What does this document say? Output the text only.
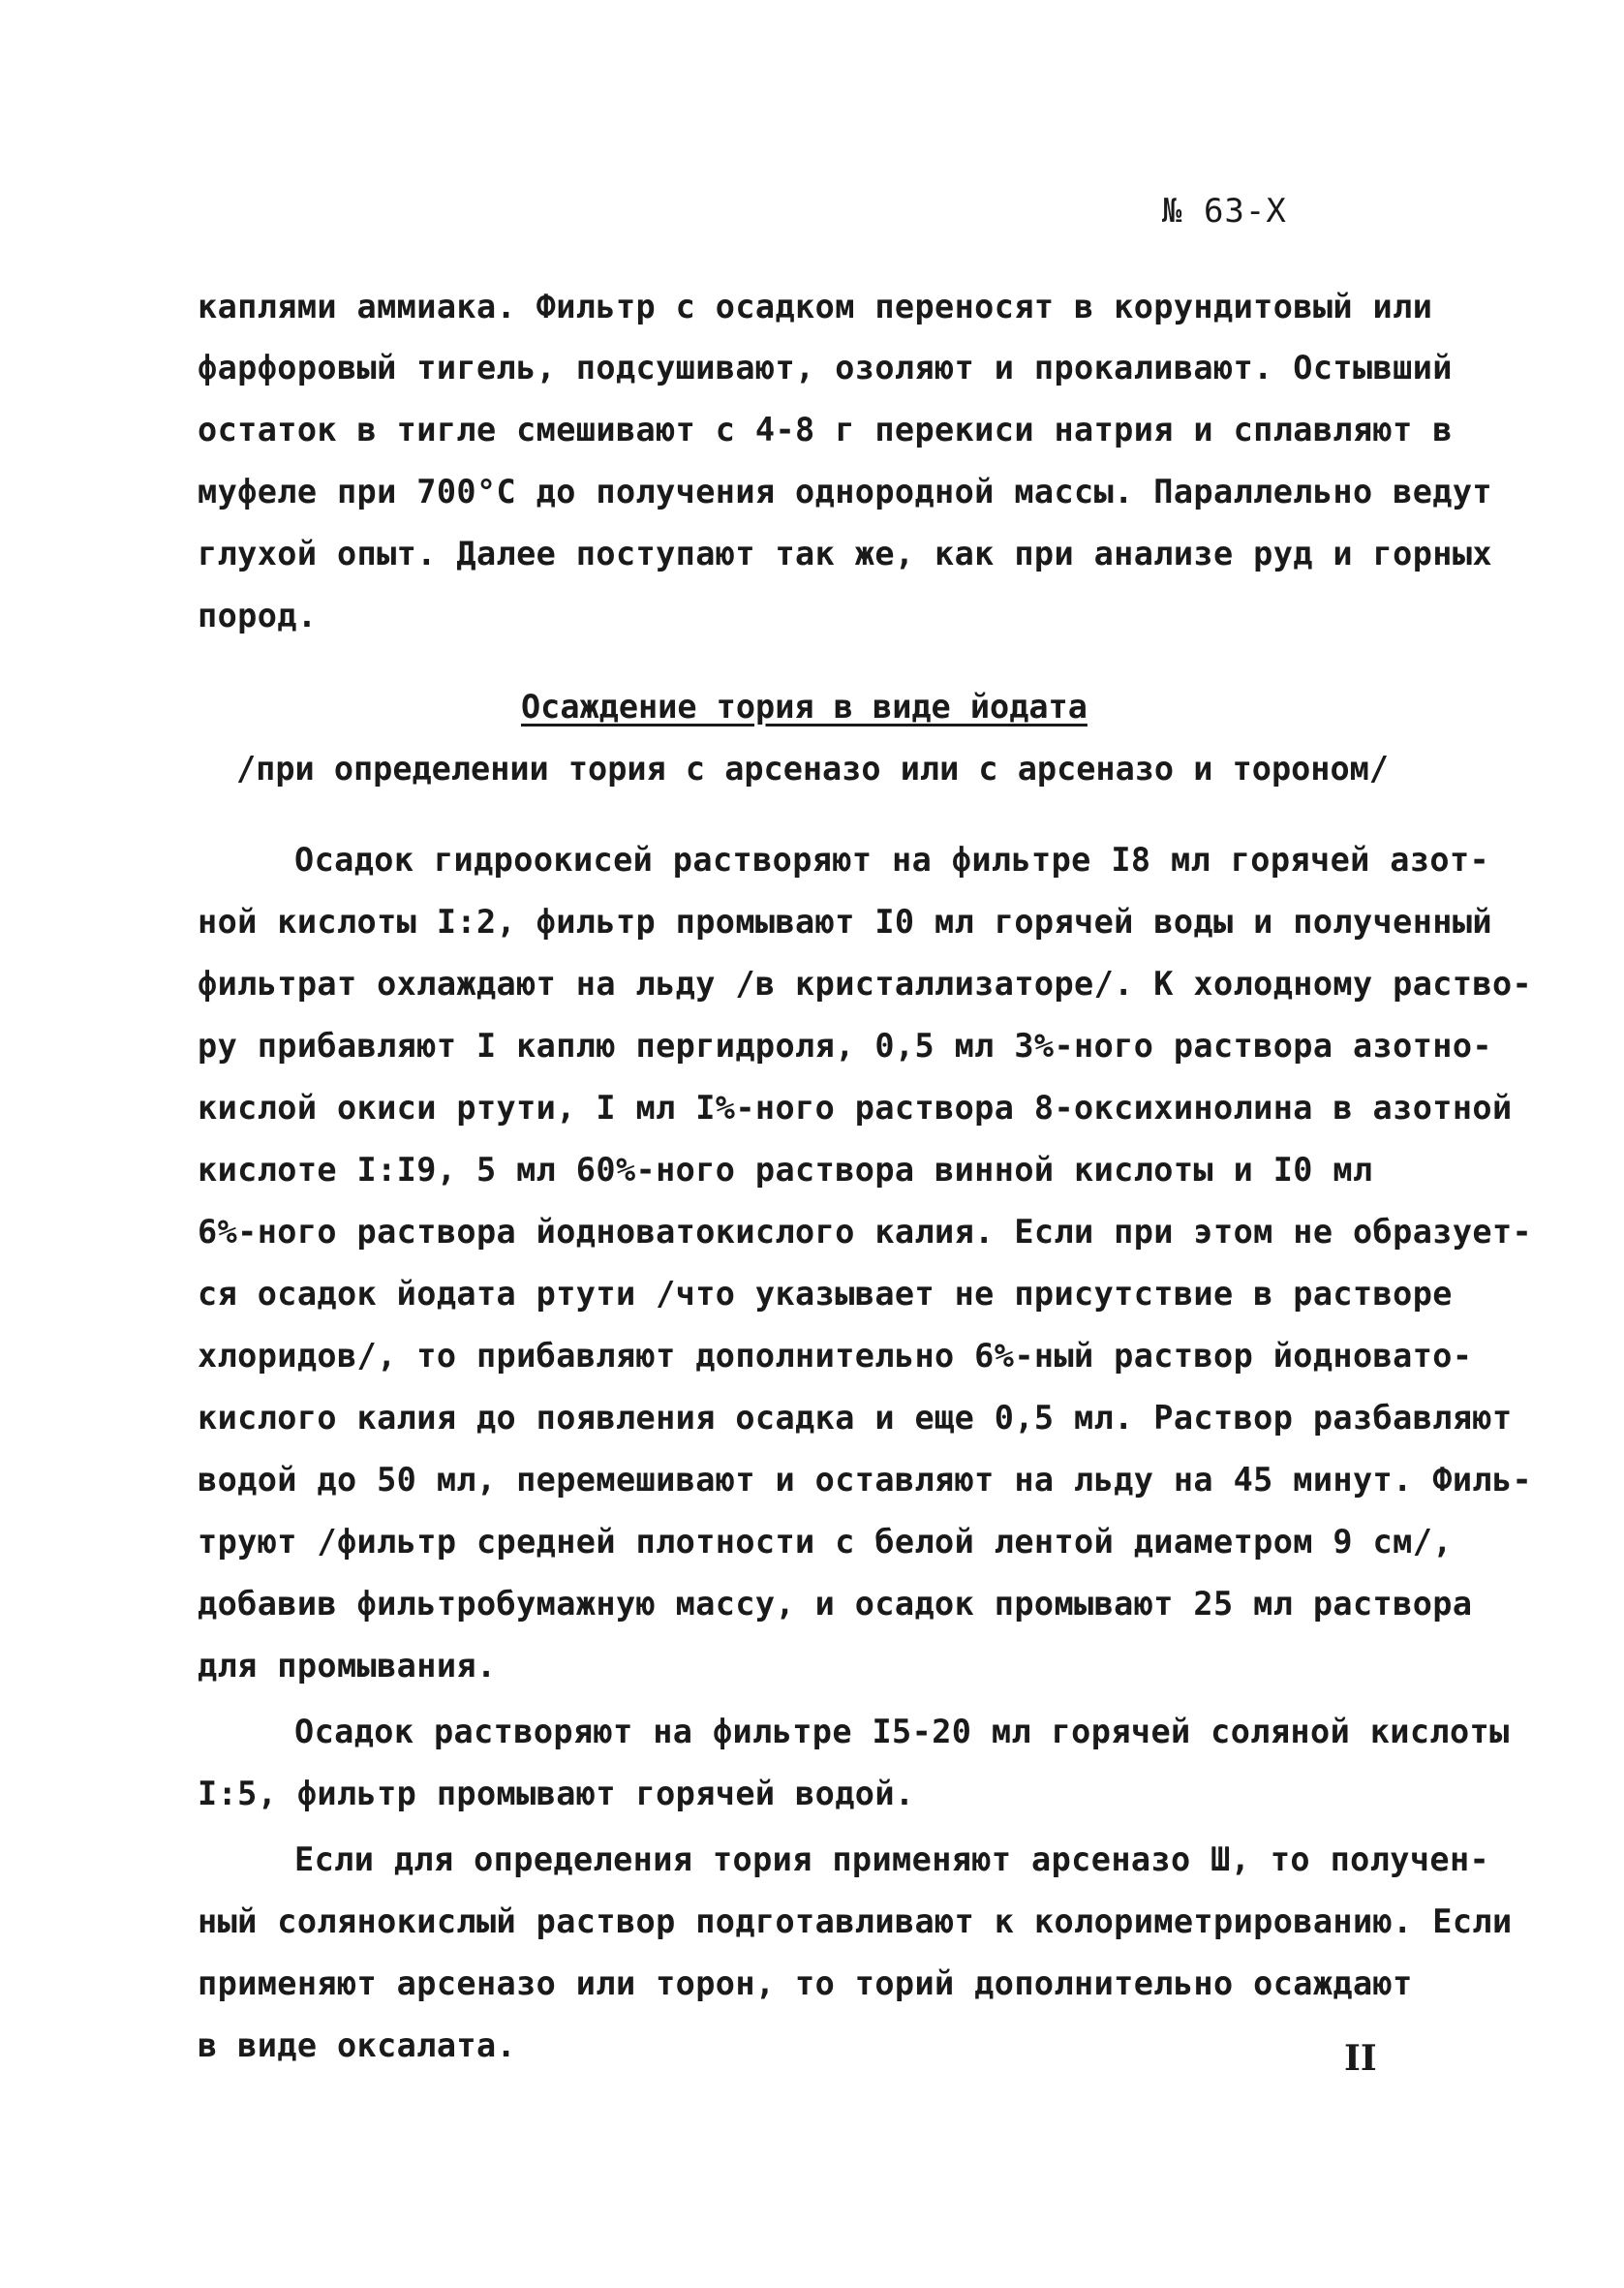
№ 63-Х
каплями аммиака. Фильтр с осадком переносят в корундитовый или
фарфоровый тигель, подсушивают, озоляют и прокаливают. Остывший
остаток в тигле смешивают с 4-8 г перекиси натрия и сплавляют в
муфеле при 700°С до получения однородной массы. Параллельно ведут
глухой опыт. Далее поступают так же, как при анализе руд и горных
пород.
Осаждение тория в виде йодата
/при определении тория с арсеназо или с арсеназо и тороном/
Осадок гидроокисей растворяют на фильтре I8 мл горячей азот-
ной кислоты I:2, фильтр промывают I0 мл горячей воды и полученный
фильтрат охлаждают на льду /в кристаллизаторе/. К холодному раство-
ру прибавляют I каплю пергидроля, 0,5 мл 3%-ного раствора азотно-
кислой окиси ртути, I мл I%-ного раствора 8-оксихинолина в азотной
кислоте I:I9, 5 мл 60%-ного раствора винной кислоты и I0 мл
6%-ного раствора йодноватокислого калия. Если при этом не образует-
ся осадок йодата ртути /что указывает не присутствие в растворе
хлоридов/, то прибавляют дополнительно 6%-ный раствор йодновато-
кислого калия до появления осадка и еще 0,5 мл. Раствор разбавляют
водой до 50 мл, перемешивают и оставляют на льду на 45 минут. Филь-
труют /фильтр средней плотности с белой лентой диаметром 9 см/,
добавив фильтробумажную массу, и осадок промывают 25 мл раствора
для промывания.
Осадок растворяют на фильтре I5-20 мл горячей соляной кислоты
I:5, фильтр промывают горячей водой.
Если для определения тория применяют арсеназо Ш, то получен-
ный солянокислый раствор подготавливают к колориметрированию. Если
применяют арсеназо или торон, то торий дополнительно осаждают
в виде оксалата.	II
